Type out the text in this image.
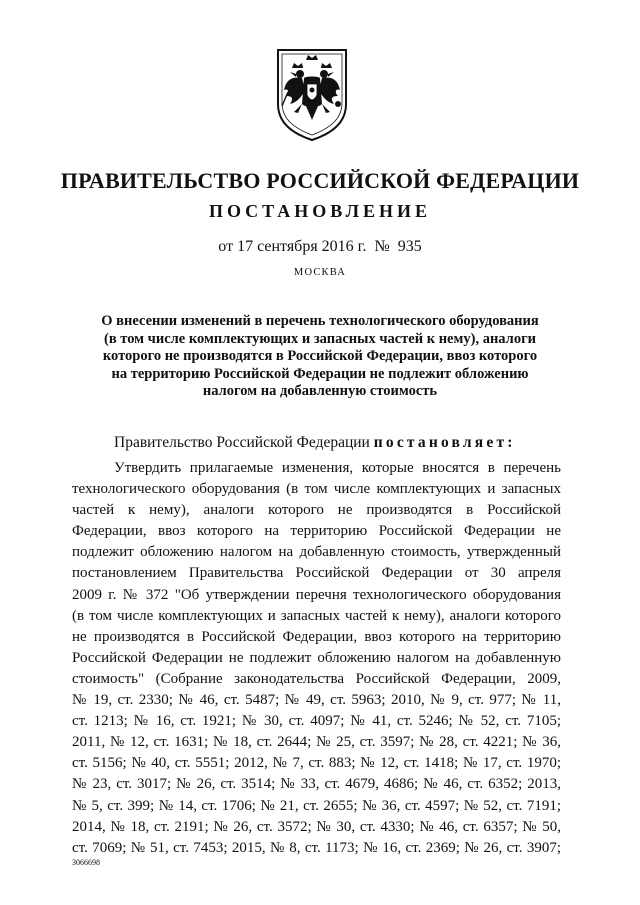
ПРАВИТЕЛЬСТВО РОССИЙСКОЙ ФЕДЕРАЦИИ
ПОСТАНОВЛЕНИЕ
от 17 сентября 2016 г. № 935
МОСКВА
О внесении изменений в перечень технологического оборудования
(в том числе комплектующих и запасных частей к нему), аналоги
которого не производятся в Российской Федерации, ввоз которого
на территорию Российской Федерации не подлежит обложению
налогом на добавленную стоимость
Правительство Российской Федерации постановляет:
Утвердить прилагаемые изменения, которые вносятся в перечень
технологического оборудования (в том числе комплектующих и запасных
частей к нему), аналоги которого не производятся в Российской
Федерации, ввоз которого на территорию Российской Федерации не
подлежит обложению налогом на добавленную стоимость, утвержденный
постановлением Правительства Российской Федерации от 30 апреля
2009 г. № 372 "Об утверждении перечня технологического оборудования
(в том числе комплектующих и запасных частей к нему), аналоги которого
не производятся в Российской Федерации, ввоз которого на территорию
Российской Федерации не подлежит обложению налогом на добавленную
стоимость" (Собрание законодательства Российской Федерации, 2009,
№ 19, ст. 2330; № 46, ст. 5487; № 49, ст. 5963; 2010, № 9, ст. 977; № 11,
ст. 1213; № 16, ст. 1921; № 30, ст. 4097; № 41, ст. 5246; № 52, ст. 7105;
2011, № 12, ст. 1631; № 18, ст. 2644; № 25, ст. 3597; № 28, ст. 4221; № 36,
ст. 5156; № 40, ст. 5551; 2012, № 7, ст. 883; № 12, ст. 1418; № 17, ст. 1970;
№ 23, ст. 3017; № 26, ст. 3514; № 33, ст. 4679, 4686; № 46, ст. 6352; 2013,
№ 5, ст. 399; № 14, ст. 1706; № 21, ст. 2655; № 36, ст. 4597; № 52, ст. 7191;
2014, № 18, ст. 2191; № 26, ст. 3572; № 30, ст. 4330; № 46, ст. 6357; № 50,
ст. 7069; № 51, ст. 7453; 2015, № 8, ст. 1173; № 16, ст. 2369; № 26, ст. 3907;
3066698
